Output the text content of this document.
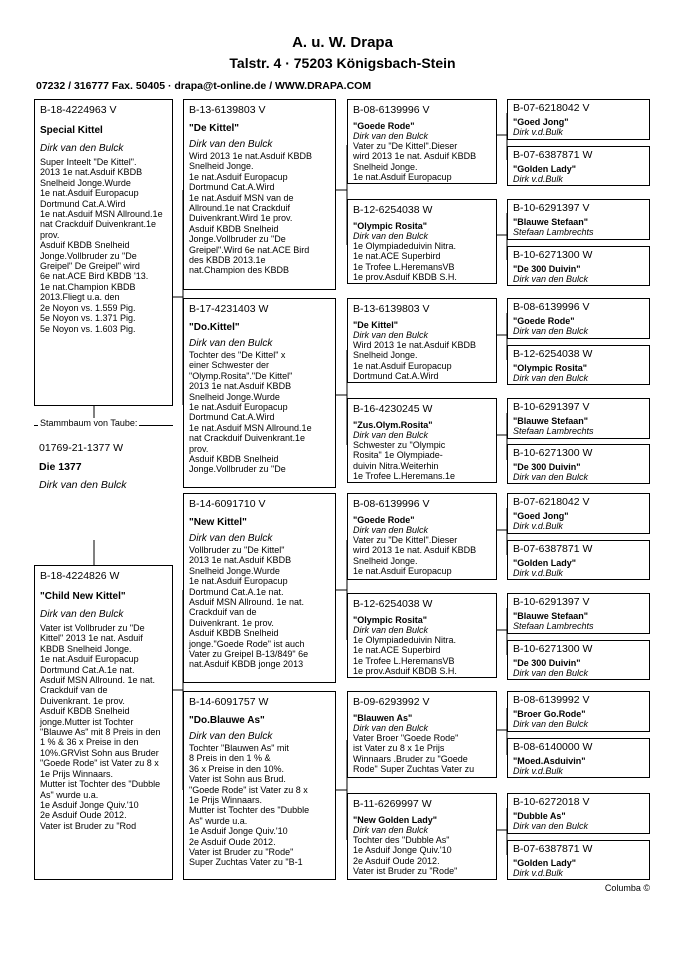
A. u. W. Drapa
Talstr. 4 · 75203 Königsbach-Stein
07232 / 316777 Fax. 50405 · drapa@t-online.de / WWW.DRAPA.COM
B-18-4224963 V
Special Kittel
Dirk van den Bulck
Super Inteelt "De Kittel".
2013 1e nat.Asduif KBDB
Snelheid Jonge.Wurde
1e nat.Asduif Europacup
Dortmund Cat.A.Wird
1e nat.Asduif MSN Allround.1e
nat Crackduif Duivenkrant.1e
prov.
Asduif KBDB Snelheid
Jonge.Vollbruder zu "De
Greipel" De Greipel" wird
6e nat.ACE Bird KBDB '13.
1e nat.Champion KBDB
2013.Fliegt u.a. den
2e Noyon vs. 1.559 Pig.
5e Noyon vs. 1.371 Pig.
5e Noyon vs. 1.603 Pig.
Stammbaum von Taube:
01769-21-1377 W
Die 1377
Dirk van den Bulck
B-18-4224826 W
"Child New Kittel"
Dirk van den Bulck
Vater ist Vollbruder zu "De
Kittel" 2013 1e nat. Asduif
KBDB Snelheid Jonge.
1e nat.Asduif Europacup
Dortmund Cat.A.1e nat.
Asduif MSN Allround. 1e nat.
Crackduif van de
Duivenkrant. 1e prov.
Asduif KBDB Snelheid
jonge.Mutter ist Tochter
"Blauwe As" mit 8 Preis in den
1 % & 36 x Preise in den
10%.GRVist Sohn aus Bruder
"Goede Rode" ist Vater zu 8 x
1e Prijs Winnaars.
Mutter ist Tochter des "Dubble
As" wurde u.a.
1e Asduif Jonge Quiv.'10
2e Asduif Oude 2012.
Vater ist Bruder zu "Rod
B-13-6139803 V
"De Kittel"
Dirk van den Bulck
Wird 2013 1e nat.Asduif KBDB
Snelheid Jonge.
1e nat.Asduif Europacup
Dortmund Cat.A.Wird
1e nat.Asduif MSN van de
Allround.1e nat Crackduif
Duivenkrant.Wird 1e prov.
Asduif KBDB Snelheid
Jonge.Vollbruder zu "De
Greipel".Wird 6e nat.ACE Bird
des KBDB 2013.1e
nat.Champion des KBDB
B-17-4231403 W
"Do.Kittel"
Dirk van den Bulck
Tochter des "De Kittel" x
einer Schwester der
"Olymp.Rosita"."De Kittel"
2013 1e nat.Asduif KBDB
Snelheid Jonge.Wurde
1e nat.Asduif Europacup
Dortmund Cat.A.Wird
1e nat.Asduif MSN Allround.1e
nat Crackduif Duivenkrant.1e
prov.
Asduif KBDB Snelheid
Jonge.Vollbruder zu "De
B-14-6091710 V
"New Kittel"
Dirk van den Bulck
Vollbruder zu "De Kittel"
2013 1e nat.Asduif KBDB
Snelheid Jonge.Wurde
1e nat.Asduif Europacup
Dortmund Cat.A.1e nat.
Asduif MSN Allround. 1e nat.
Crackduif van de
Duivenkrant. 1e prov.
Asduif KBDB Snelheid
jonge."Goede Rode" ist auch
Vater zu Greipel B-13/849" 6e
nat.Asduif KBDB jonge 2013
B-14-6091757 W
"Do.Blauwe As"
Dirk van den Bulck
Tochter "Blauwen As" mit
8 Preis in den 1 % &
36 x Preise in den 10%.
Vater ist Sohn aus Brud.
"Goede Rode" ist Vater zu 8 x
1e Prijs Winnaars.
Mutter ist Tochter des "Dubble
As" wurde u.a.
1e Asduif Jonge Quiv.'10
2e Asduif Oude 2012.
Vater ist Bruder zu "Rode"
Super Zuchtas Vater zu "B-1
B-08-6139996 V
"Goede Rode"
Dirk van den Bulck
Vater zu "De Kittel".Dieser
wird 2013 1e nat. Asduif KBDB
Snelheid Jonge.
1e nat.Asduif Europacup
B-12-6254038 W
"Olympic Rosita"
Dirk van den Bulck
1e Olympiadeduivin Nitra.
1e nat.ACE Superbird
1e Trofee L.HeremansVB
1e prov.Asduif KBDB S.H.
B-13-6139803 V
"De Kittel"
Dirk van den Bulck
Wird 2013 1e nat.Asduif KBDB
Snelheid Jonge.
1e nat.Asduif Europacup
Dortmund Cat.A.Wird
B-16-4230245 W
"Zus.Olym.Rosita"
Dirk van den Bulck
Schwester zu "Olympic
Rosita" 1e Olympiade-
duivin Nitra.Weiterhin
1e Trofee L.Heremans.1e
B-08-6139996 V
"Goede Rode"
Dirk van den Bulck
Vater zu "De Kittel".Dieser
wird 2013 1e nat. Asduif KBDB
Snelheid Jonge.
1e nat.Asduif Europacup
B-12-6254038 W
"Olympic Rosita"
Dirk van den Bulck
1e Olympiadeduivin Nitra.
1e nat.ACE Superbird
1e Trofee L.HeremansVB
1e prov.Asduif KBDB S.H.
B-09-6293992 V
"Blauwen As"
Dirk van den Bulck
Vater Broer "Goede Rode"
ist Vater zu 8 x 1e Prijs
Winnaars .Bruder zu "Goede
Rode" Super Zuchtas Vater zu
B-11-6269997 W
"New Golden Lady"
Dirk van den Bulck
Tochter des "Dubble As"
1e Asduif Jonge Quiv.'10
2e Asduif Oude 2012.
Vater ist Bruder zu "Rode"
B-07-6218042 V
"Goed Jong"
Dirk v.d.Bulk
B-07-6387871 W
"Golden Lady"
Dirk v.d.Bulk
B-10-6291397 V
"Blauwe Stefaan"
Stefaan Lambrechts
B-10-6271300 W
"De 300 Duivin"
Dirk van den Bulck
B-08-6139996 V
"Goede Rode"
Dirk van den Bulck
B-12-6254038 W
"Olympic Rosita"
Dirk van den Bulck
B-10-6291397 V
"Blauwe Stefaan"
Stefaan Lambrechts
B-10-6271300 W
"De 300 Duivin"
Dirk van den Bulck
B-07-6218042 V
"Goed Jong"
Dirk v.d.Bulk
B-07-6387871 W
"Golden Lady"
Dirk v.d.Bulk
B-10-6291397 V
"Blauwe Stefaan"
Stefaan Lambrechts
B-10-6271300 W
"De 300 Duivin"
Dirk van den Bulck
B-08-6139992 V
"Broer Go.Rode"
Dirk van den Bulck
B-08-6140000 W
"Moed.Asduivin"
Dirk v.d.Bulk
B-10-6272018 V
"Dubble As"
Dirk van den Bulck
B-07-6387871 W
"Golden Lady"
Dirk v.d.Bulk
Columba ©
